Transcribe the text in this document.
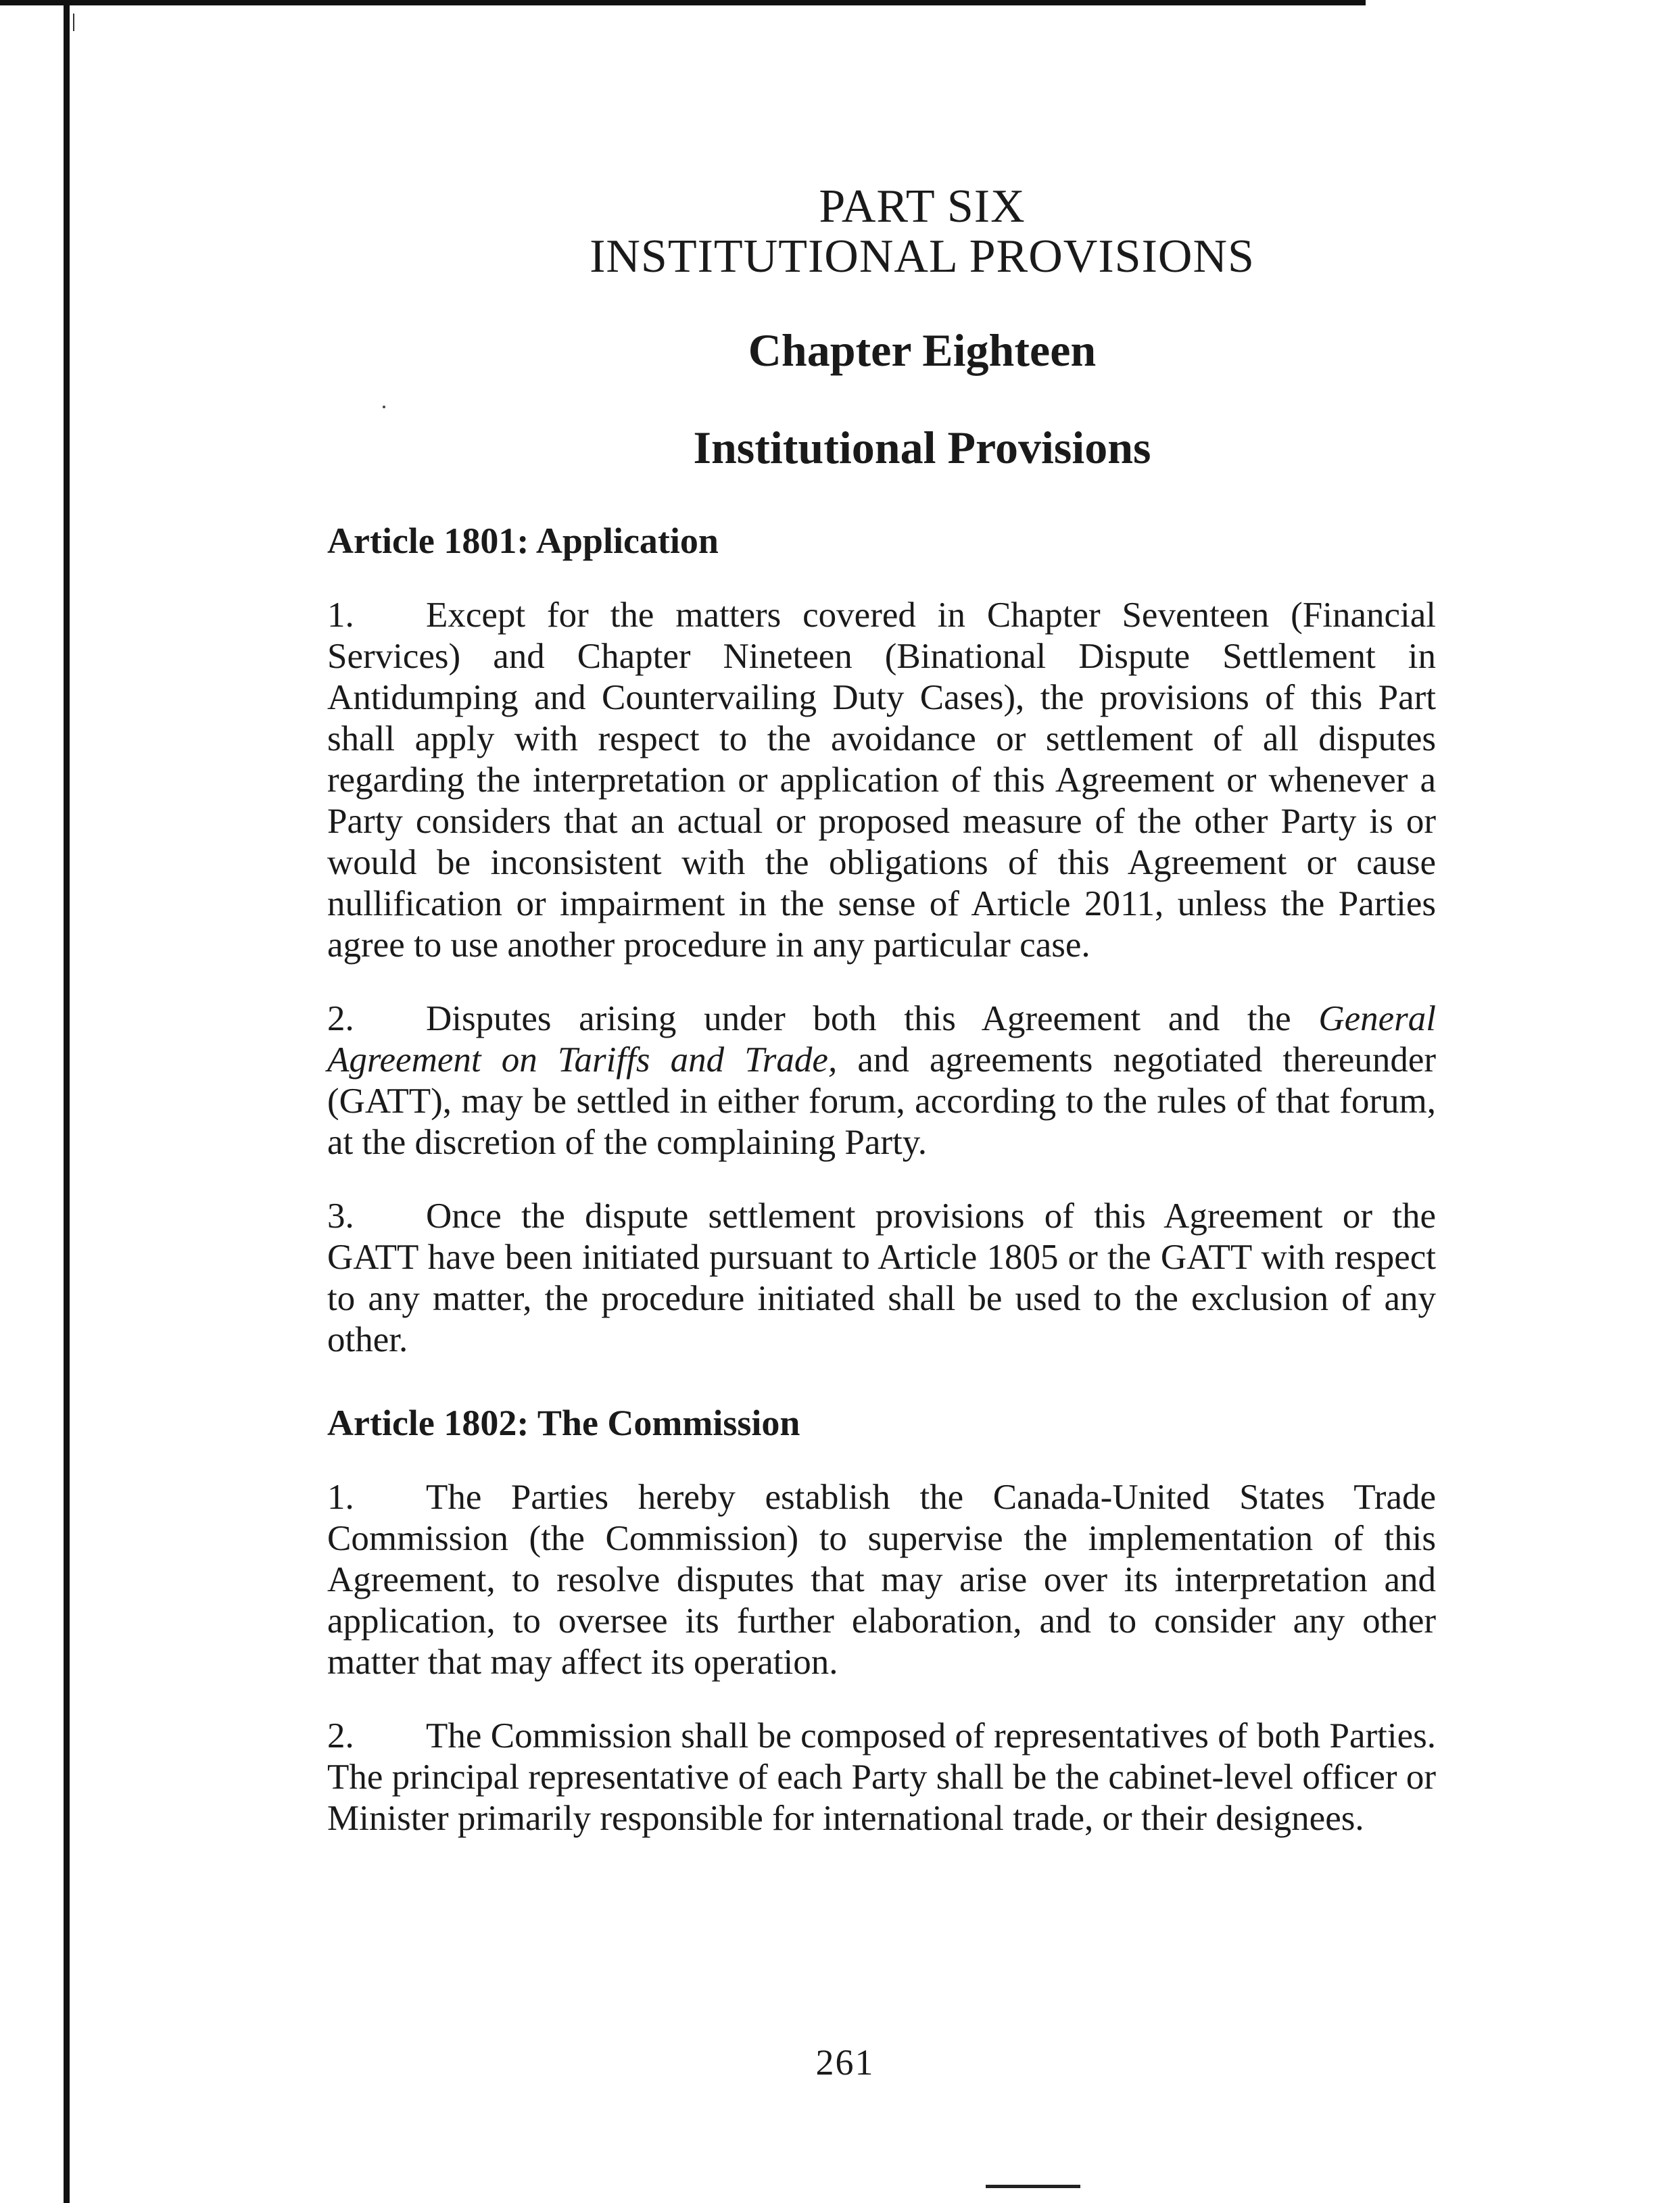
PART SIX
INSTITUTIONAL PROVISIONS
Chapter Eighteen
Institutional Provisions
Article 1801: Application

1. Except for the matters covered in Chapter Seventeen (Financial Services) and Chapter Nineteen (Binational Dispute Settlement in Antidumping and Countervailing Duty Cases), the provisions of this Part shall apply with respect to the avoidance or settlement of all disputes regarding the interpretation or application of this Agreement or whenever a Party considers that an actual or proposed measure of the other Party is or would be inconsistent with the obligations of this Agreement or cause nullification or impairment in the sense of Article 2011, unless the Parties agree to use another procedure in any particular case.

2. Disputes arising under both this Agreement and the General Agreement on Tariffs and Trade, and agreements negotiated thereunder (GATT), may be settled in either forum, according to the rules of that forum, at the discretion of the complaining Party.

3. Once the dispute settlement provisions of this Agreement or the GATT have been initiated pursuant to Article 1805 or the GATT with respect to any matter, the procedure initiated shall be used to the exclusion of any other.

Article 1802: The Commission

1. The Parties hereby establish the Canada-United States Trade Commission (the Commission) to supervise the implementation of this Agreement, to resolve disputes that may arise over its interpretation and application, to oversee its further elaboration, and to consider any other matter that may affect its operation.

2. The Commission shall be composed of representatives of both Parties. The principal representative of each Party shall be the cabinet-level officer or Minister primarily responsible for international trade, or their designees.

261
